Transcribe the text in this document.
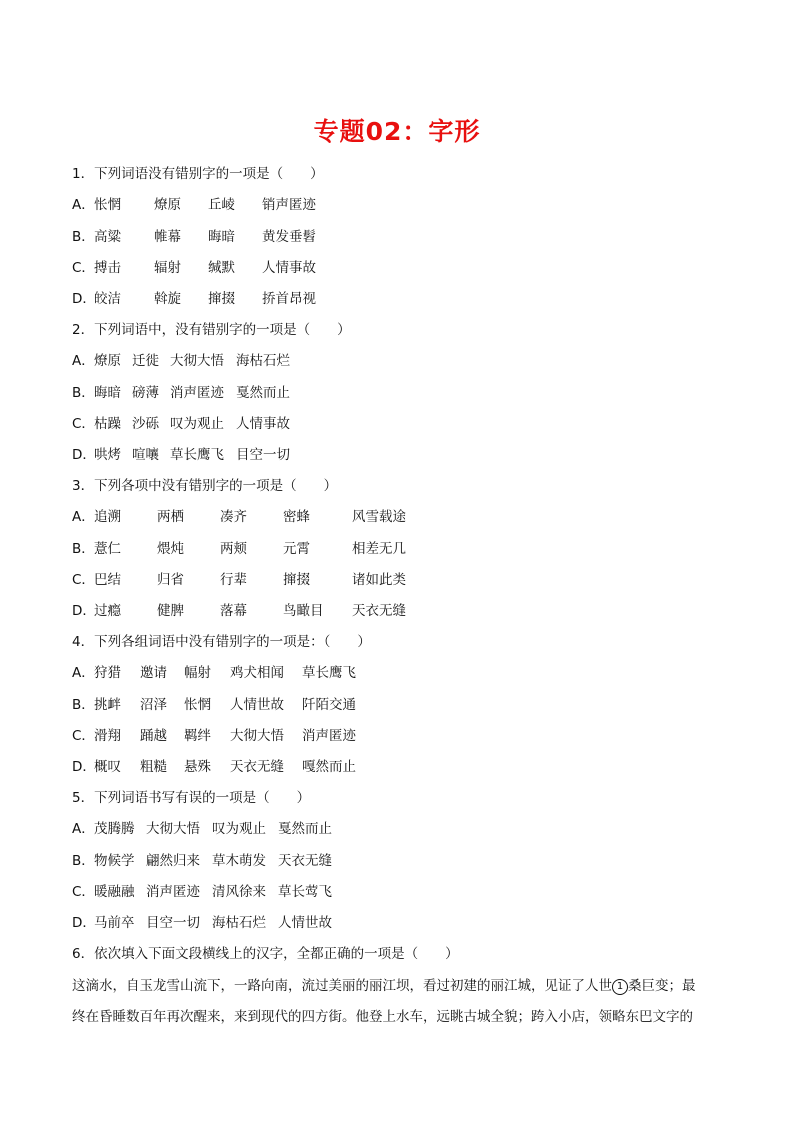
专题02：字形
1．下列词语没有错别字的一项是（　　）
A．怅惘 燎原 丘崚 销声匿迹
B．高粱 帷幕 晦暗 黄发垂髫
C．搏击 辐射 缄默 人情事故
D．皎洁 斡旋 撺掇 挢首昂视
2．下列词语中，没有错别字的一项是（　　）
A．燎原 迁徙 大彻大悟 海枯石烂
B．晦暗 磅薄 消声匿迹 戛然而止
C．枯躁 沙砾 叹为观止 人情事故
D．哄烤 喧嚷 草长鹰飞 目空一切
3．下列各项中没有错别字的一项是（　　）
A．追溯	两栖	凑齐	密蜂	风雪载途
B．薏仁	煨炖	两颊	元霄	相差无几
C．巴结	归省	行辈	撺掇	诸如此类
D．过瘾	健脾	落幕	鸟瞰目 天衣无缝
4．下列各组词语中没有错别字的一项是：（　　）
A．狩猎 邀请 幅射 鸡犬相闻 草长鹰飞
B．挑衅 沼泽 怅惘 人情世故 阡陌交通
C．滑翔 踊越 羁绊 大彻大悟 消声匿迹
D．概叹 粗糙 悬殊 天衣无缝 嘎然而止
5．下列词语书写有误的一项是（　　）
A．茂腾腾 大彻大悟 叹为观止 戛然而止
B．物候学 翩然归来 草木萌发 天衣无缝
C．暖融融 消声匿迹 清风徐来 草长莺飞
D．马前卒 目空一切 海枯石烂 人情世故
6．依次填入下面文段横线上的汉字，全都正确的一项是（　　）
这滴水，自玉龙雪山流下，一路向南，流过美丽的丽江坝，看过初建的丽江城，见证了人世 1 桑巨变；最
终在昏睡数百年再次醒来，来到现代的四方街。他登上水车，远眺古城全貌；跨入小店，领略东巴文字的
